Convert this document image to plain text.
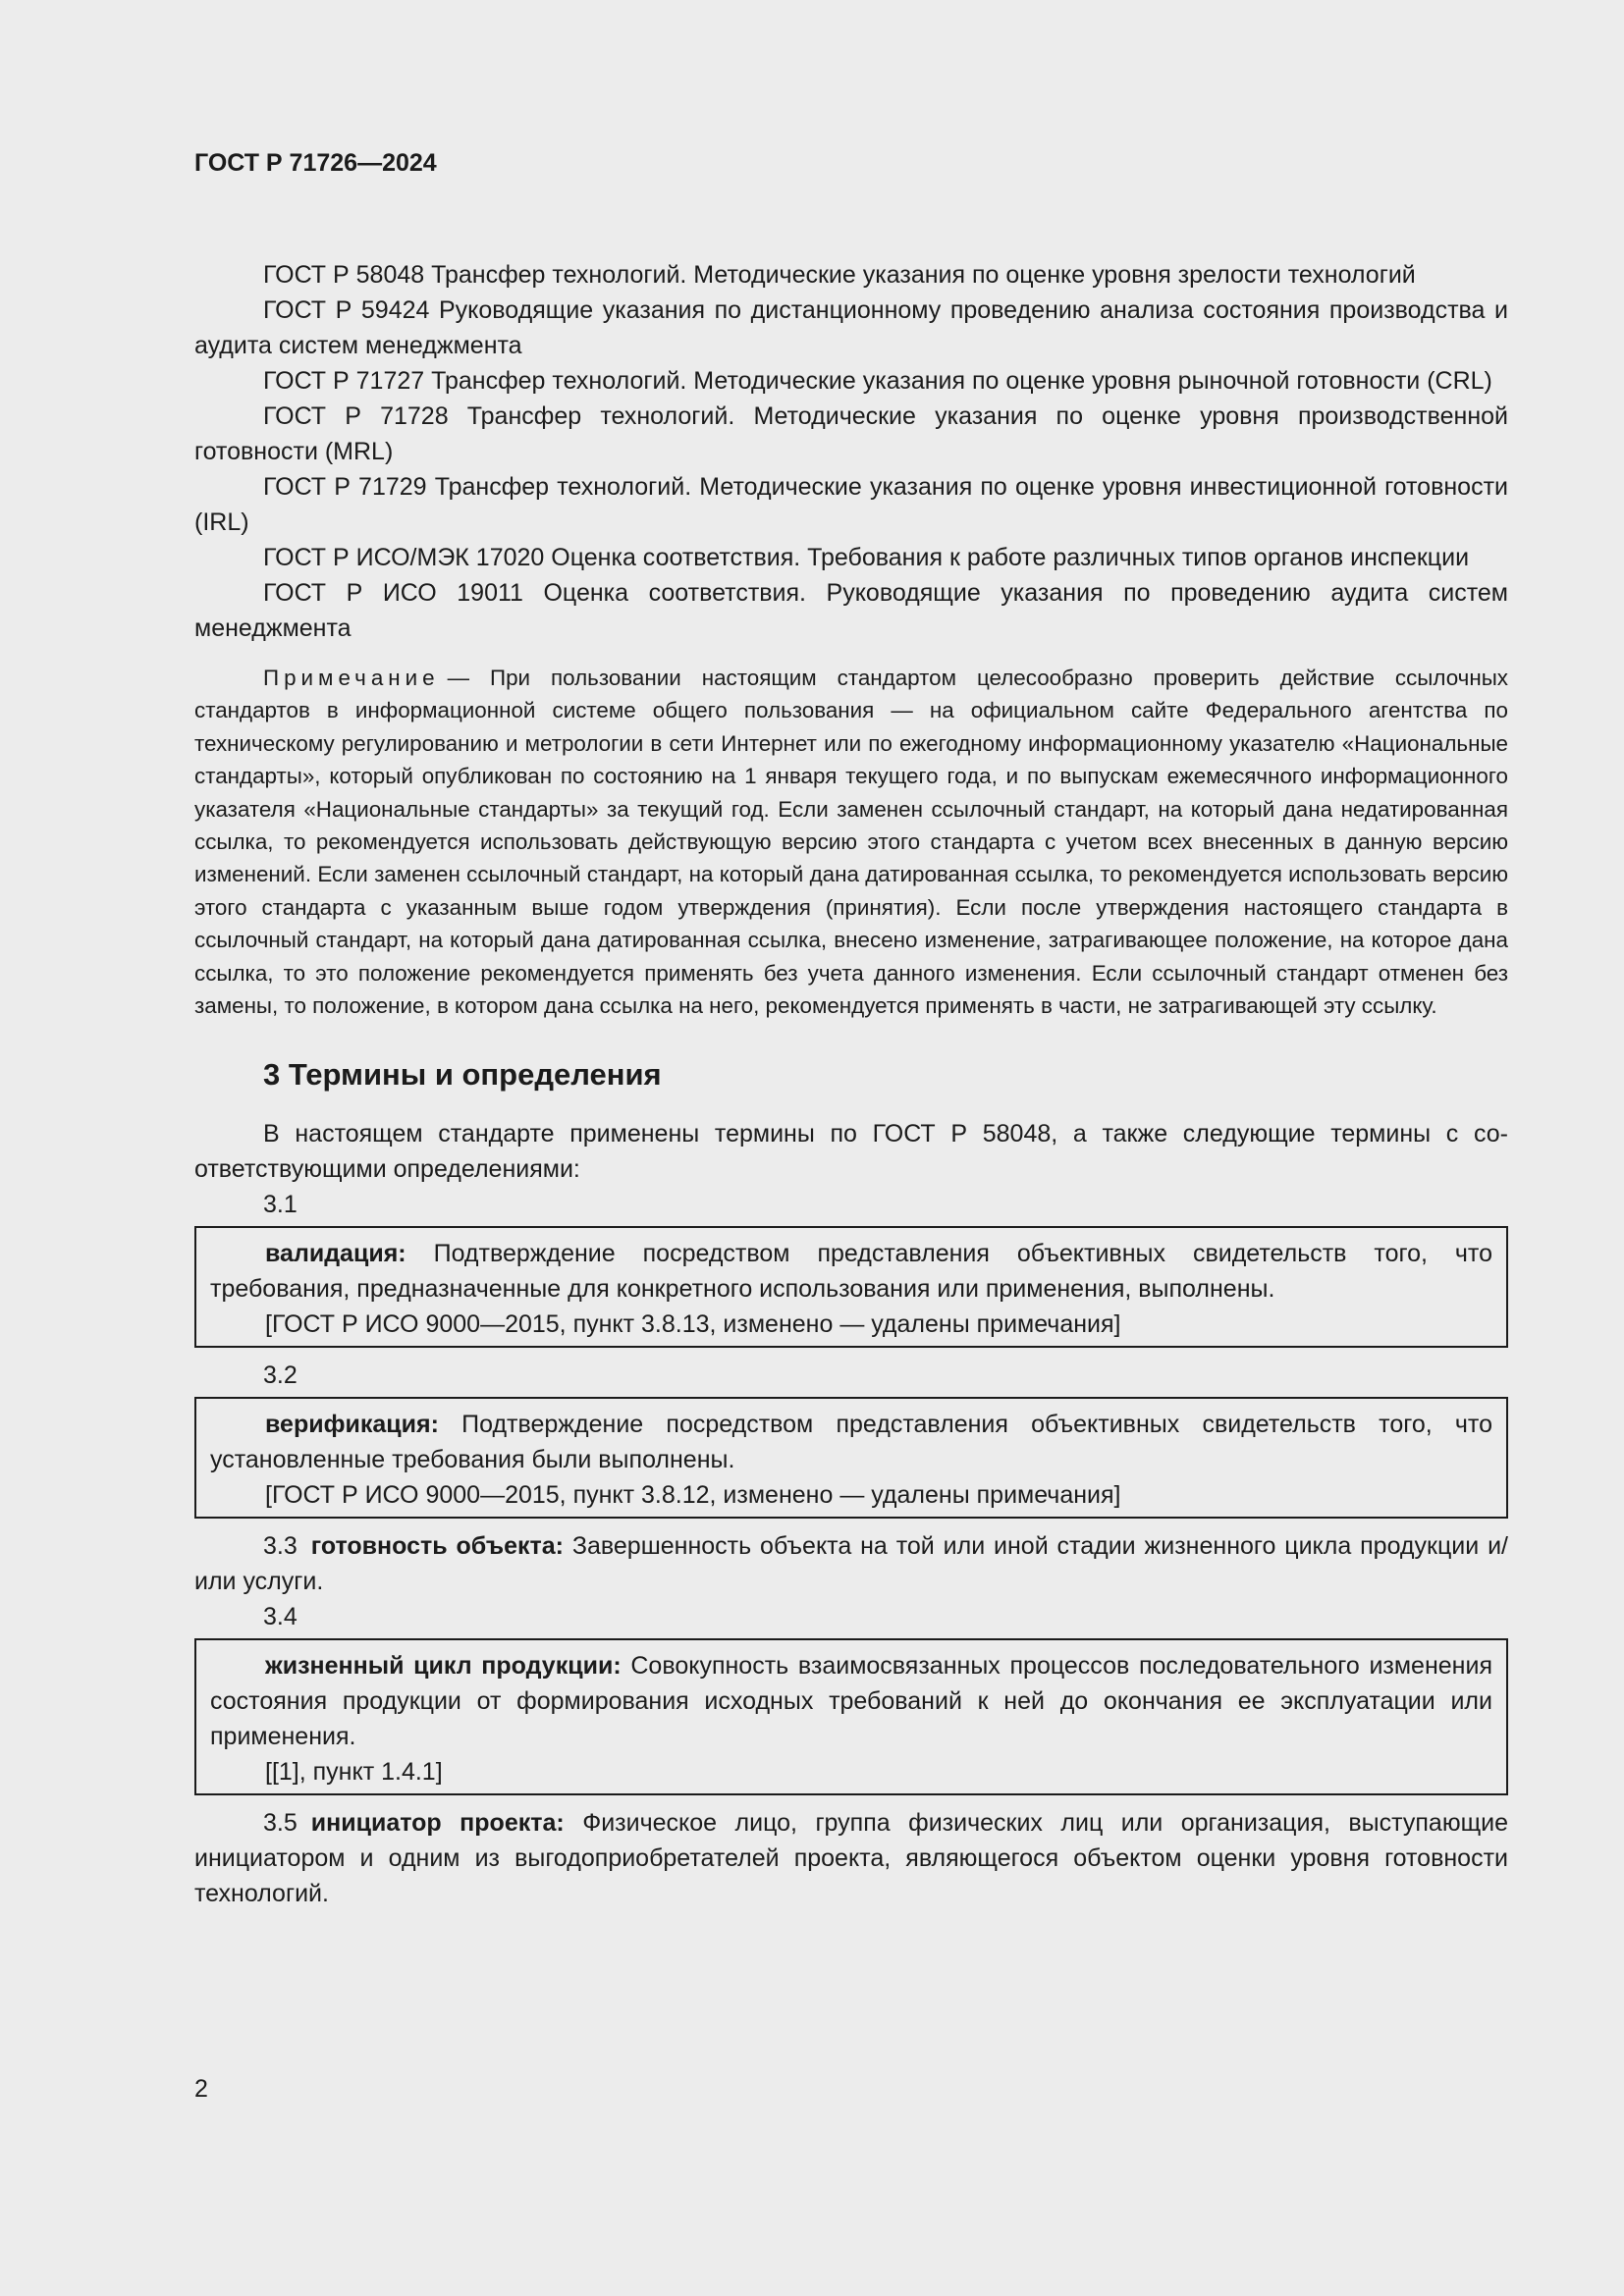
ГОСТ Р 71726—2024

ГОСТ Р 58048 Трансфер технологий. Методические указания по оценке уровня зрелости технологий

ГОСТ Р 59424 Руководящие указания по дистанционному проведению анализа состояния производства и аудита систем менеджмента

ГОСТ Р 71727 Трансфер технологий. Методические указания по оценке уровня рыночной готовности (CRL)

ГОСТ Р 71728 Трансфер технологий. Методические указания по оценке уровня производственной готовности (MRL)

ГОСТ Р 71729 Трансфер технологий. Методические указания по оценке уровня инвестиционной готовности (IRL)

ГОСТ Р ИСО/МЭК 17020 Оценка соответствия. Требования к работе различных типов органов инспекции

ГОСТ Р ИСО 19011 Оценка соответствия. Руководящие указания по проведению аудита систем менеджмента

Примечание — При пользовании настоящим стандартом целесообразно проверить действие ссылочных стандартов в информационной системе общего пользования — на официальном сайте Федерального агентства по техническому регулированию и метрологии в сети Интернет или по ежегодному информационному указателю «Национальные стандарты», который опубликован по состоянию на 1 января текущего года, и по выпускам ежемесячного информационного указателя «Национальные стандарты» за текущий год. Если заменен ссылочный стандарт, на который дана недатированная ссылка, то рекомендуется использовать действующую версию этого стандарта с учетом всех внесенных в данную версию изменений. Если заменен ссылочный стандарт, на который дана датированная ссылка, то рекомендуется использовать версию этого стандарта с указанным выше годом утверждения (принятия). Если после утверждения настоящего стандарта в ссылочный стандарт, на который дана датированная ссылка, внесено изменение, затрагивающее положение, на которое дана ссылка, то это положение рекомендуется применять без учета данного изменения. Если ссылочный стандарт отменен без замены, то положение, в котором дана ссылка на него, рекомендуется применять в части, не затрагивающей эту ссылку.

3 Термины и определения

В настоящем стандарте применены термины по ГОСТ Р 58048, а также следующие термины с соответствующими определениями:

3.1

валидация: Подтверждение посредством представления объективных свидетельств того, что требования, предназначенные для конкретного использования или применения, выполнены.

[ГОСТ Р ИСО 9000—2015, пункт 3.8.13, изменено — удалены примечания]

3.2

верификация: Подтверждение посредством представления объективных свидетельств того, что установленные требования были выполнены.

[ГОСТ Р ИСО 9000—2015, пункт 3.8.12, изменено — удалены примечания]

3.3 готовность объекта: Завершенность объекта на той или иной стадии жизненного цикла продукции и/или услуги.

3.4

жизненный цикл продукции: Совокупность взаимосвязанных процессов последовательного изменения состояния продукции от формирования исходных требований к ней до окончания ее эксплуатации или применения.

[[1], пункт 1.4.1]

3.5 инициатор проекта: Физическое лицо, группа физических лиц или организация, выступающие инициатором и одним из выгодоприобретателей проекта, являющегося объектом оценки уровня готовности технологий.

2
